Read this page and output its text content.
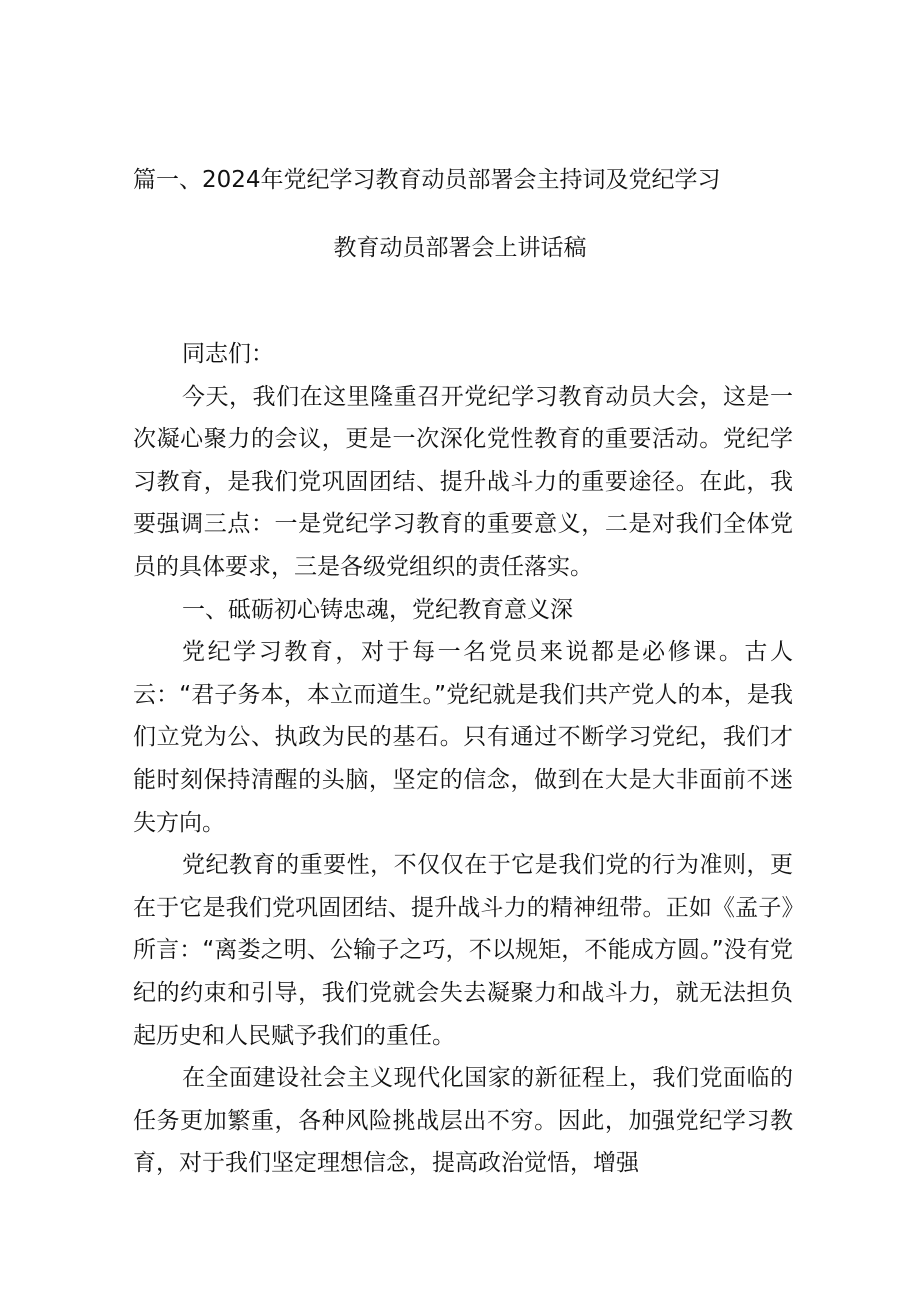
篇一、2024年党纪学习教育动员部署会主持词及党纪学习
教育动员部署会上讲话稿

同志们：

今天，我们在这里隆重召开党纪学习教育动员大会，这是一次凝心聚力的会议，更是一次深化党性教育的重要活动。党纪学习教育，是我们党巩固团结、提升战斗力的重要途径。在此，我要强调三点：一是党纪学习教育的重要意义，二是对我们全体党员的具体要求，三是各级党组织的责任落实。

一、砥砺初心铸忠魂，党纪教育意义深

党纪学习教育，对于每一名党员来说都是必修课。古人云：“君子务本，本立而道生。”党纪就是我们共产党人的本，是我们立党为公、执政为民的基石。只有通过不断学习党纪，我们才能时刻保持清醒的头脑，坚定的信念，做到在大是大非面前不迷失方向。

党纪教育的重要性，不仅仅在于它是我们党的行为准则，更在于它是我们党巩固团结、提升战斗力的精神纽带。正如《孟子》所言：“离娄之明、公输子之巧，不以规矩，不能成方圆。”没有党纪的约束和引导，我们党就会失去凝聚力和战斗力，就无法担负起历史和人民赋予我们的重任。

在全面建设社会主义现代化国家的新征程上，我们党面临的任务更加繁重，各种风险挑战层出不穷。因此，加强党纪学习教育，对于我们坚定理想信念，提高政治觉悟，增强
